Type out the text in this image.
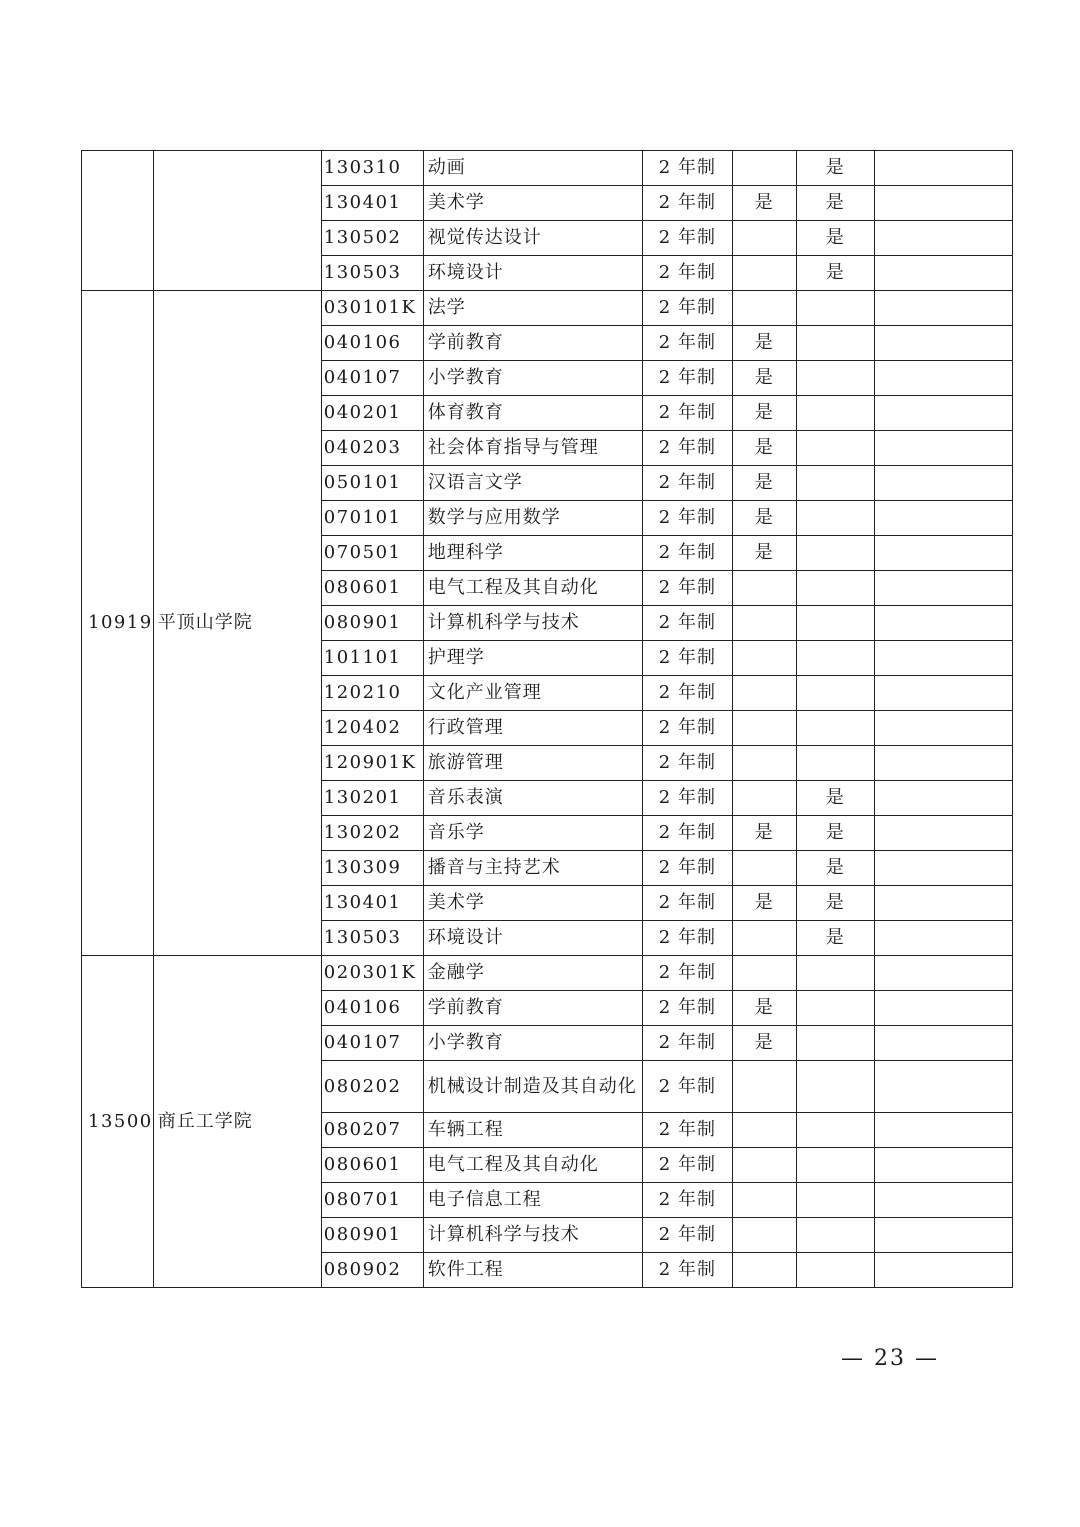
		130310	动画	2 年制		是	
		130401	美术学	2 年制	是	是	
		130502	视觉传达设计	2 年制		是	
		130503	环境设计	2 年制		是	
10919	平顶山学院	030101K	法学	2 年制			
		040106	学前教育	2 年制	是		
		040107	小学教育	2 年制	是		
		040201	体育教育	2 年制	是		
		040203	社会体育指导与管理	2 年制	是		
		050101	汉语言文学	2 年制	是		
		070101	数学与应用数学	2 年制	是		
		070501	地理科学	2 年制	是		
		080601	电气工程及其自动化	2 年制			
		080901	计算机科学与技术	2 年制			
		101101	护理学	2 年制			
		120210	文化产业管理	2 年制			
		120402	行政管理	2 年制			
		120901K	旅游管理	2 年制			
		130201	音乐表演	2 年制		是	
		130202	音乐学	2 年制	是	是	
		130309	播音与主持艺术	2 年制		是	
		130401	美术学	2 年制	是	是	
		130503	环境设计	2 年制		是	
13500	商丘工学院	020301K	金融学	2 年制			
		040106	学前教育	2 年制	是		
		040107	小学教育	2 年制	是		
		080202	机械设计制造及其自动化	2 年制			
		080207	车辆工程	2 年制			
		080601	电气工程及其自动化	2 年制			
		080701	电子信息工程	2 年制			
		080901	计算机科学与技术	2 年制			
		080902	软件工程	2 年制			
— 23 —
